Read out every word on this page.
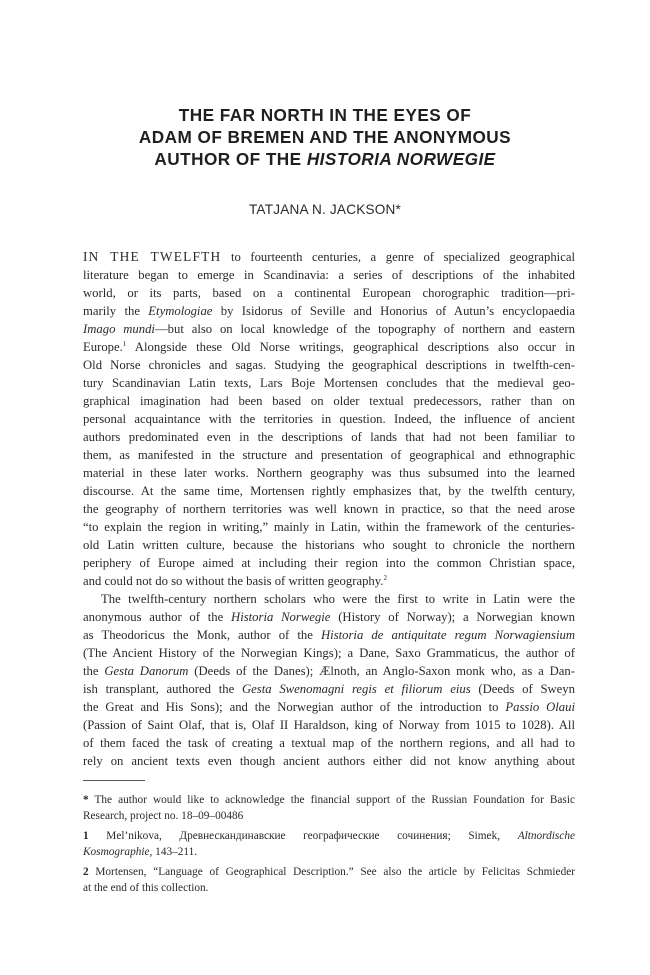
THE FAR NORTH IN THE EYES OF
ADAM OF BREMEN AND THE ANONYMOUS
AUTHOR OF THE HISTORIA NORWEGIE
TATJANA N. JACKSON*
IN THE TWELFTH to fourteenth centuries, a genre of specialized geographical
literature began to emerge in Scandinavia: a series of descriptions of the inhabited
world, or its parts, based on a continental European chorographic tradition—pri-
marily the Etymologiae by Isidorus of Seville and Honorius of Autun’s encyclopaedia
Imago mundi—but also on local knowledge of the topography of northern and eastern
Europe.$^1$ Alongside these Old Norse writings, geographical descriptions also occur in
Old Norse chronicles and sagas. Studying the geographical descriptions in twelfth-cen-
tury Scandinavian Latin texts, Lars Boje Mortensen concludes that the medieval geo-
graphical imagination had been based on older textual predecessors, rather than on
personal acquaintance with the territories in question. Indeed, the influence of ancient
authors predominated even in the descriptions of lands that had not been familiar to
them, as manifested in the structure and presentation of geographical and ethnographic
material in these later works. Northern geography was thus subsumed into the learned
discourse. At the same time, Mortensen rightly emphasizes that, by the twelfth century,
the geography of northern territories was well known in practice, so that the need arose
“to explain the region in writing,” mainly in Latin, within the framework of the centuries-
old Latin written culture, because the historians who sought to chronicle the northern
periphery of Europe aimed at including their region into the common Christian space,
and could not do so without the basis of written geography.$^2$
The twelfth-century northern scholars who were the first to write in Latin were the
anonymous author of the Historia Norwegie (History of Norway); a Norwegian known
as Theodoricus the Monk, author of the Historia de antiquitate regum Norwagiensium
(The Ancient History of the Norwegian Kings); a Dane, Saxo Grammaticus, the author of
the Gesta Danorum (Deeds of the Danes); Ælnoth, an Anglo-Saxon monk who, as a Dan-
ish transplant, authored the Gesta Swenomagni regis et filiorum eius (Deeds of Sweyn
the Great and His Sons); and the Norwegian author of the introduction to Passio Olaui
(Passion of Saint Olaf, that is, Olaf II Haraldson, king of Norway from 1015 to 1028). All
of them faced the task of creating a textual map of the northern regions, and all had to
rely on ancient texts even though ancient authors either did not know anything about
* The author would like to acknowledge the financial support of the Russian Foundation for Basic
Research, project no. 18–09–00486
1 Mel’nikova, Древнескандинавские географические сочинения; Simek, Altnordische
Kosmographie, 143–211.
2 Mortensen, “Language of Geographical Description.” See also the article by Felicitas Schmieder
at the end of this collection.
